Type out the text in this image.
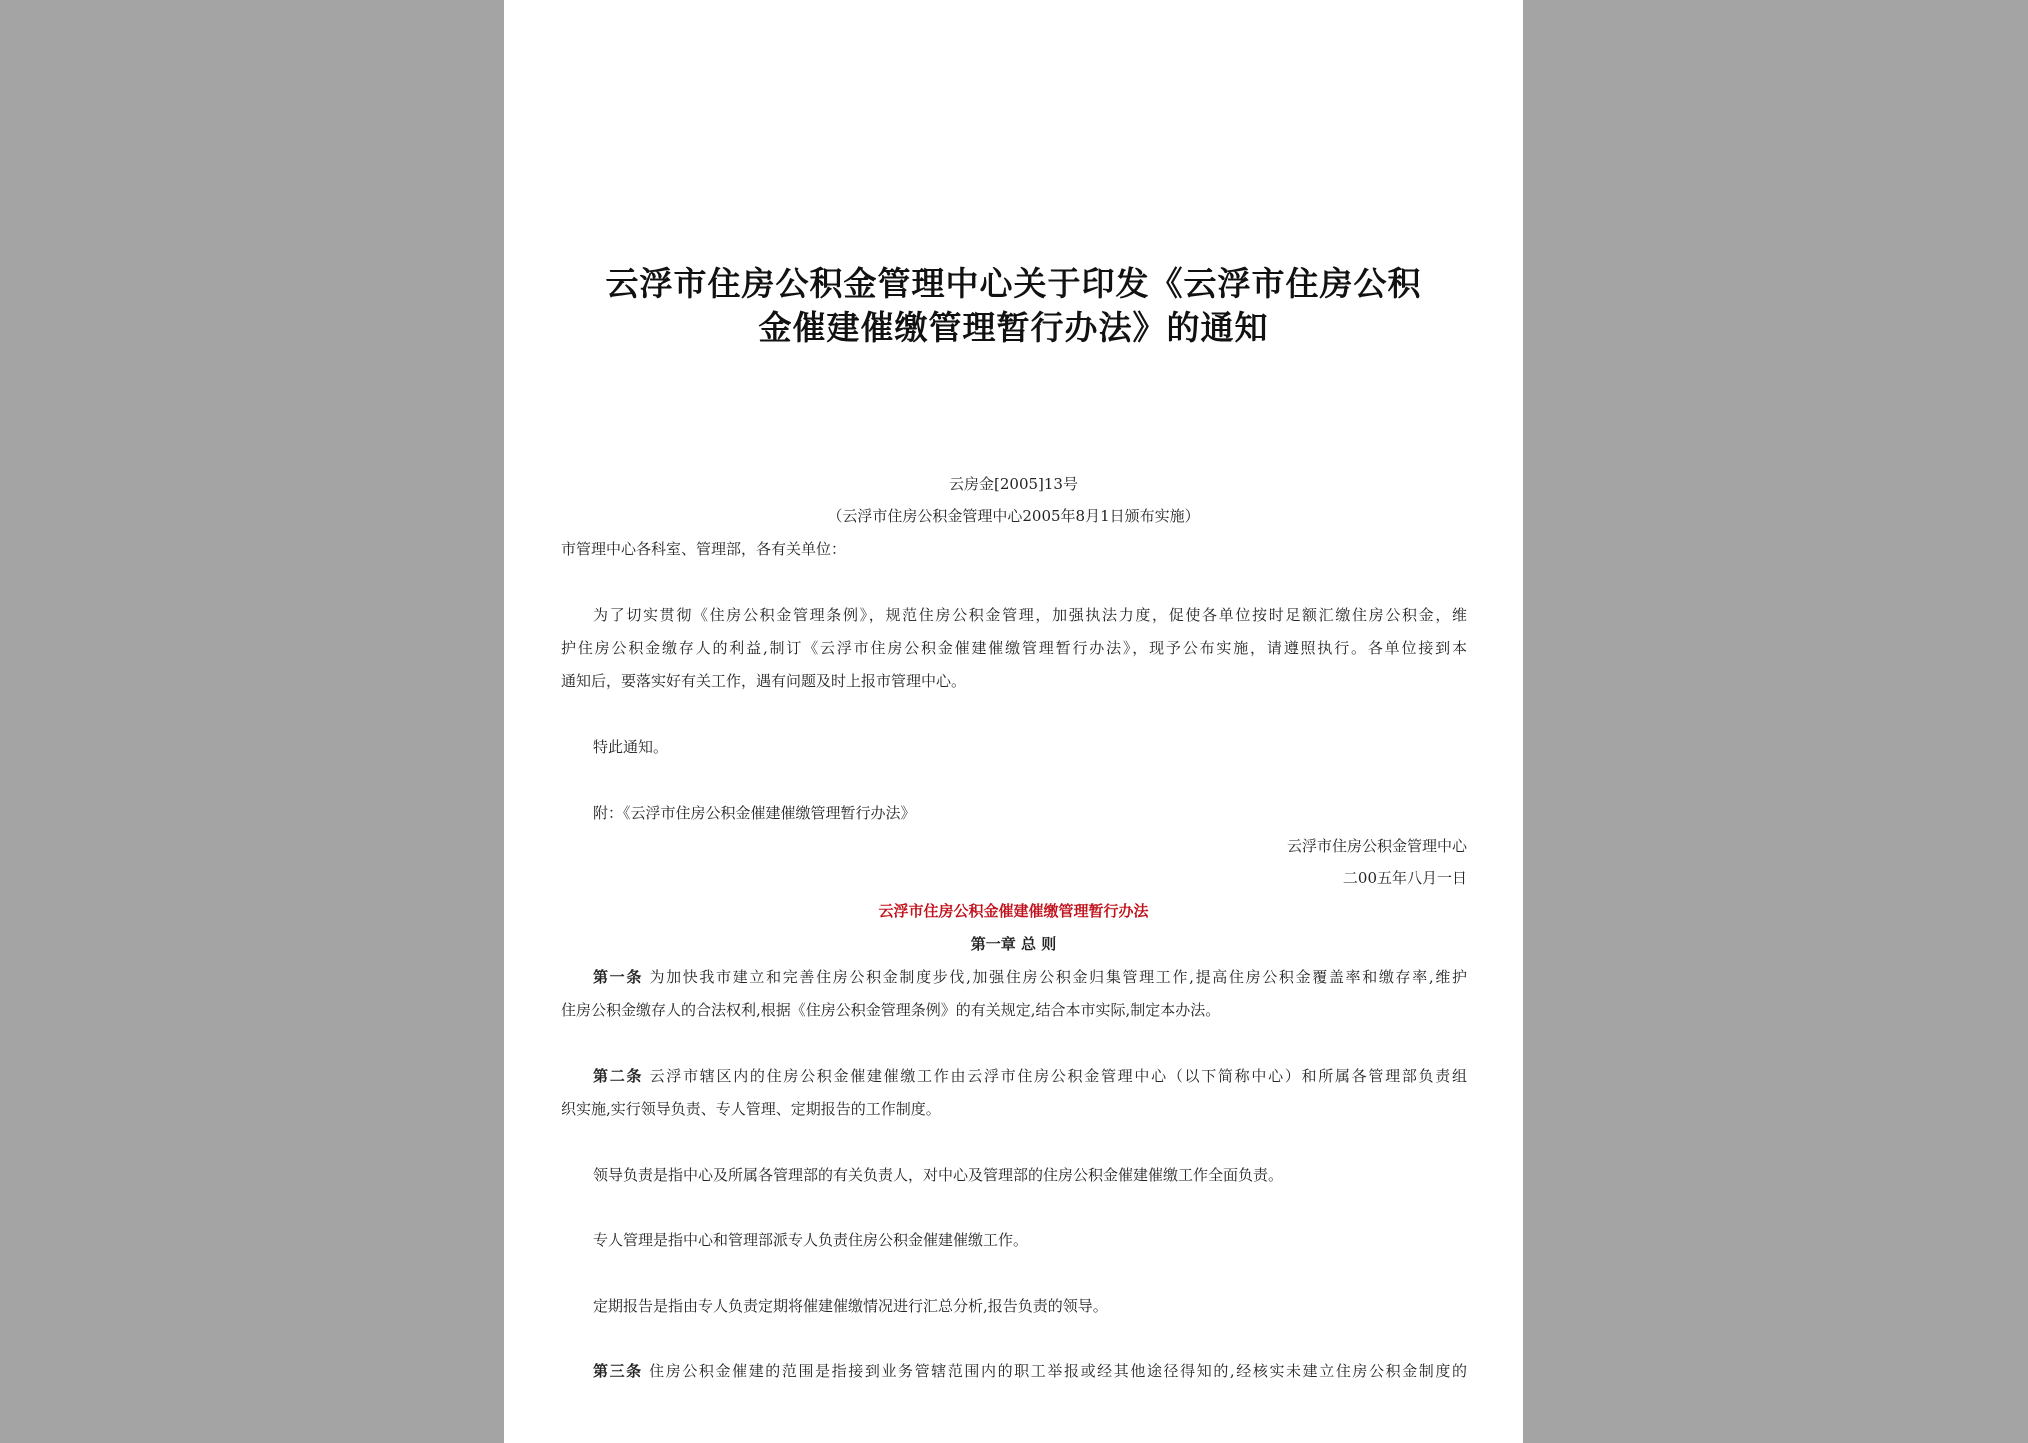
云浮市住房公积金管理中心关于印发《云浮市住房公积
金催建催缴管理暂行办法》的通知
云房金[2005]13号
（云浮市住房公积金管理中心2005年8月1日颁布实施）
市管理中心各科室、管理部，各有关单位：
为了切实贯彻《住房公积金管理条例》，规范住房公积金管理，加强执法力度，促使各单位按时足额汇缴住房公积金，维
护住房公积金缴存人的利益,制订《云浮市住房公积金催建催缴管理暂行办法》，现予公布实施，请遵照执行。各单位接到本
通知后，要落实好有关工作，遇有问题及时上报市管理中心。
特此通知。
附：《云浮市住房公积金催建催缴管理暂行办法》
云浮市住房公积金管理中心
二00五年八月一日
云浮市住房公积金催建催缴管理暂行办法
第一章 总 则
第一条 为加快我市建立和完善住房公积金制度步伐,加强住房公积金归集管理工作,提高住房公积金覆盖率和缴存率,维护
住房公积金缴存人的合法权利,根据《住房公积金管理条例》的有关规定,结合本市实际,制定本办法。
第二条 云浮市辖区内的住房公积金催建催缴工作由云浮市住房公积金管理中心（以下简称中心）和所属各管理部负责组
织实施,实行领导负责、专人管理、定期报告的工作制度。
领导负责是指中心及所属各管理部的有关负责人，对中心及管理部的住房公积金催建催缴工作全面负责。
专人管理是指中心和管理部派专人负责住房公积金催建催缴工作。
定期报告是指由专人负责定期将催建催缴情况进行汇总分析,报告负责的领导。
第三条 住房公积金催建的范围是指接到业务管辖范围内的职工举报或经其他途径得知的,经核实未建立住房公积金制度的
